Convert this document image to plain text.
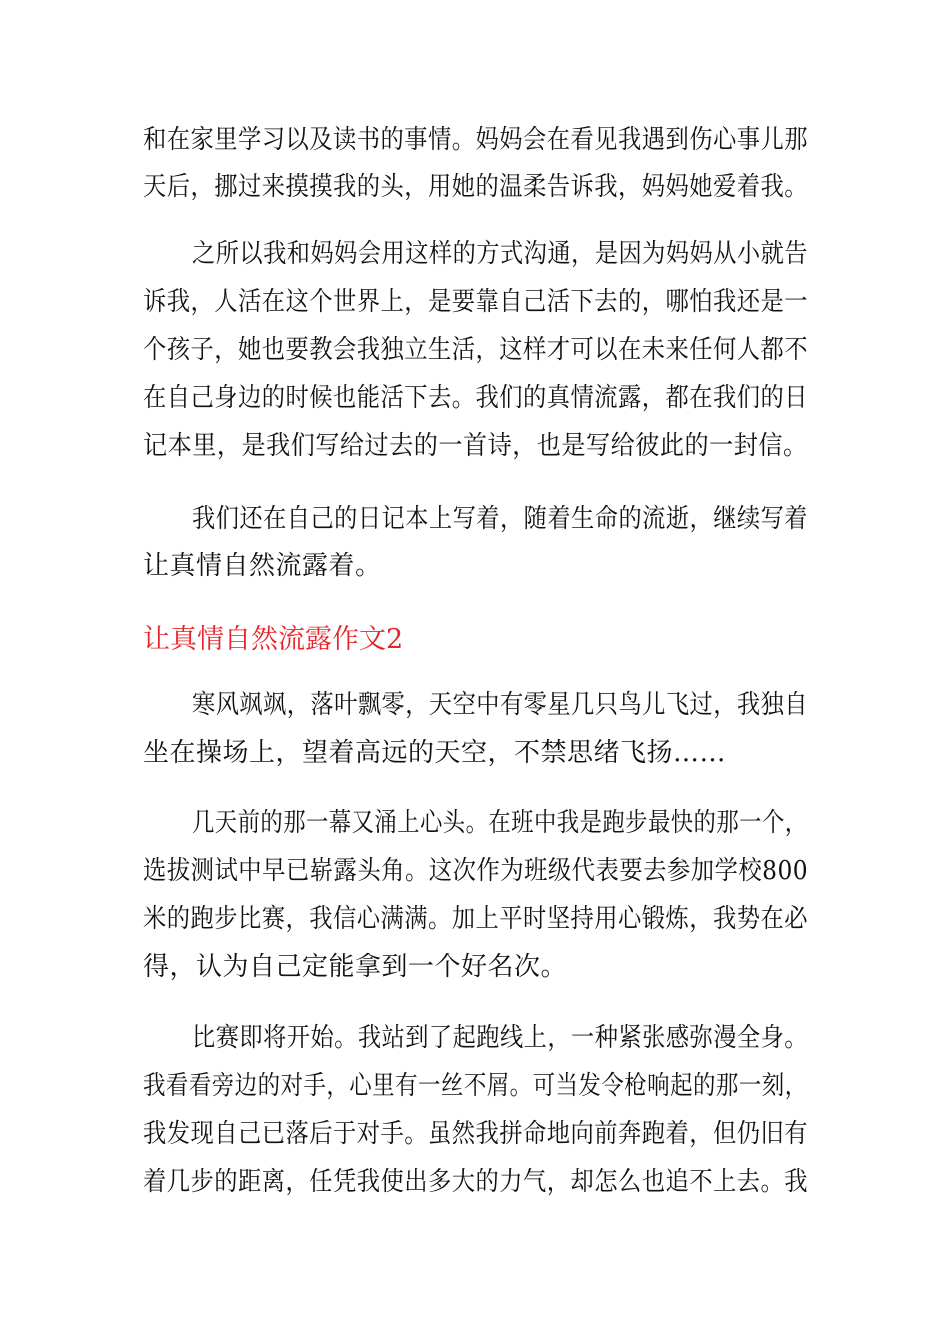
和在家里学习以及读书的事情。妈妈会在看见我遇到伤心事儿那
天后，挪过来摸摸我的头，用她的温柔告诉我，妈妈她爱着我。
之所以我和妈妈会用这样的方式沟通，是因为妈妈从小就告
诉我，人活在这个世界上，是要靠自己活下去的，哪怕我还是一
个孩子，她也要教会我独立生活，这样才可以在未来任何人都不
在自己身边的时候也能活下去。我们的真情流露，都在我们的日
记本里，是我们写给过去的一首诗，也是写给彼此的一封信。
我们还在自己的日记本上写着，随着生命的流逝，继续写着
让真情自然流露着。
让真情自然流露作文2
寒风飒飒，落叶飘零，天空中有零星几只鸟儿飞过，我独自
坐在操场上，望着高远的天空，不禁思绪飞扬……
几天前的那一幕又涌上心头。在班中我是跑步最快的那一个，
选拔测试中早已崭露头角。这次作为班级代表要去参加学校800
米的跑步比赛，我信心满满。加上平时坚持用心锻炼，我势在必
得，认为自己定能拿到一个好名次。
比赛即将开始。我站到了起跑线上，一种紧张感弥漫全身。
我看看旁边的对手，心里有一丝不屑。可当发令枪响起的那一刻，
我发现自己已落后于对手。虽然我拼命地向前奔跑着，但仍旧有
着几步的距离，任凭我使出多大的力气，却怎么也追不上去。我
